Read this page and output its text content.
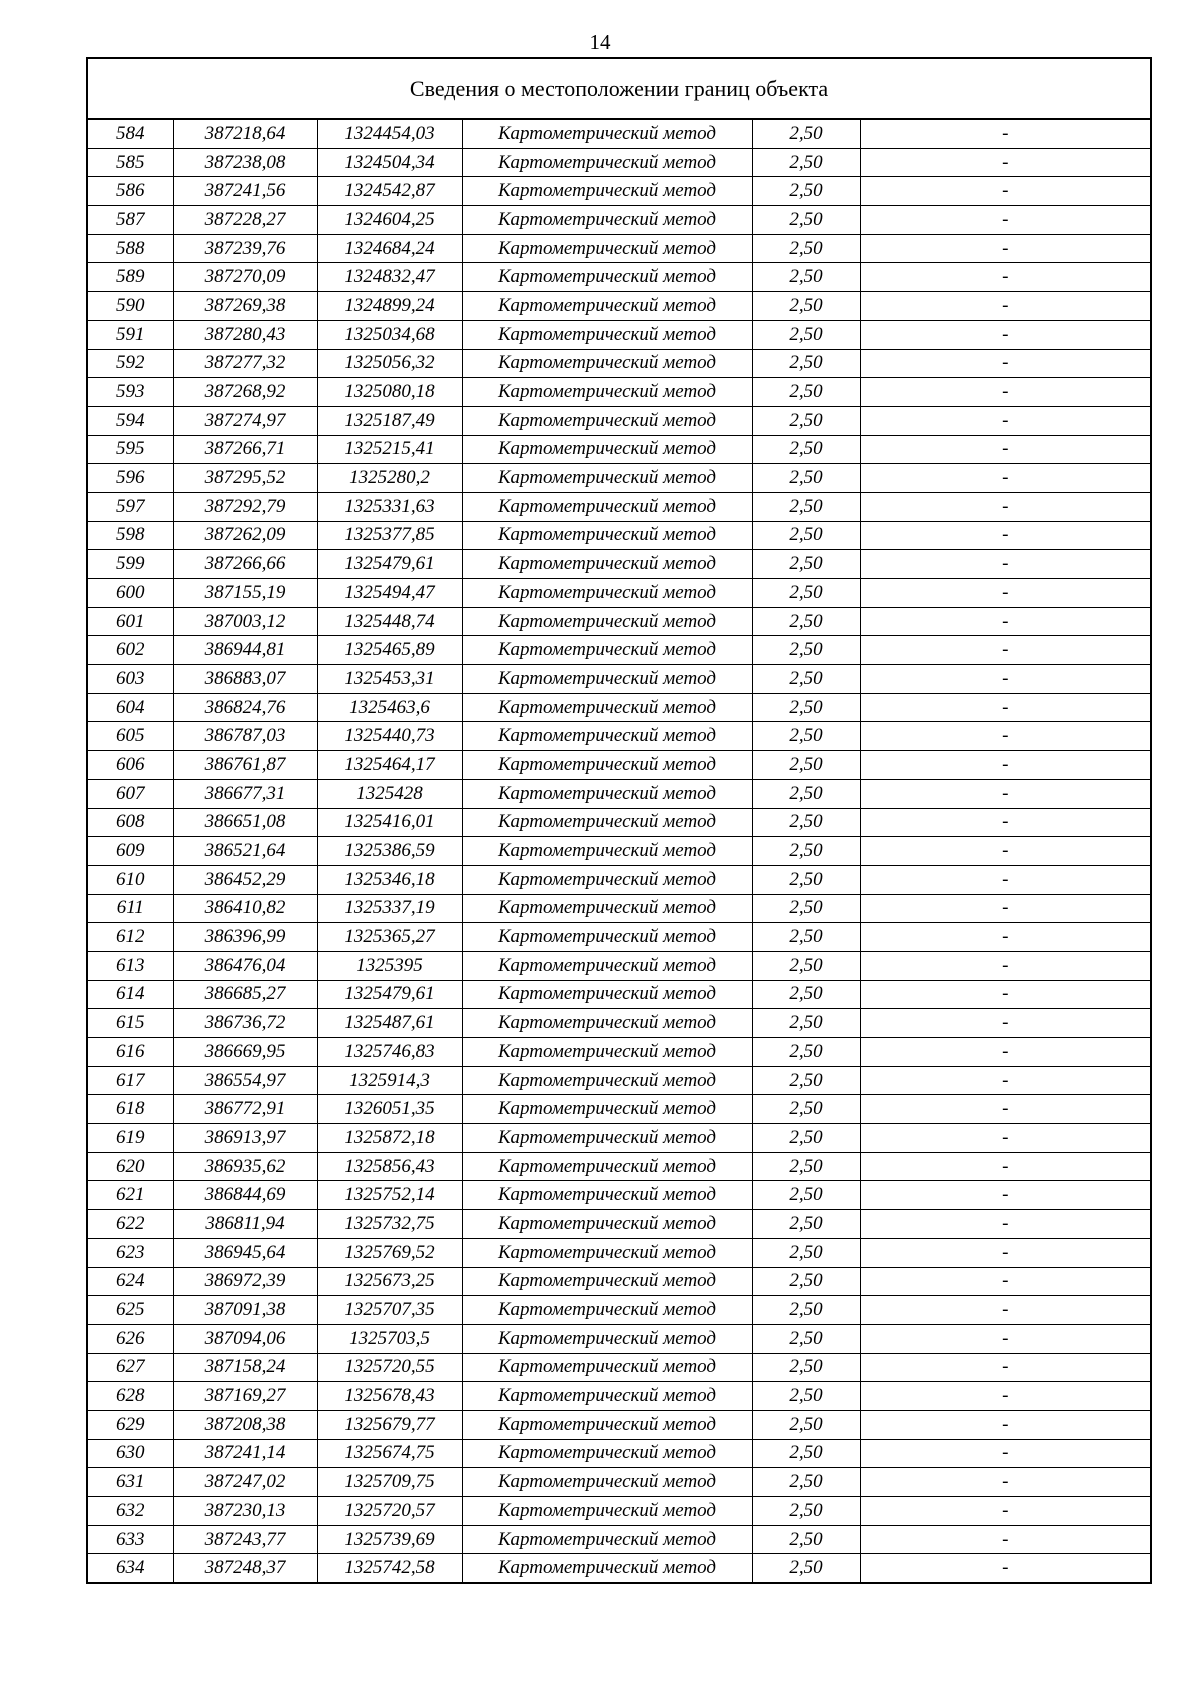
14
Сведения о местоположении границ объекта					
584	387218,64	1324454,03	Картометрический метод	2,50	-
585	387238,08	1324504,34	Картометрический метод	2,50	-
586	387241,56	1324542,87	Картометрический метод	2,50	-
587	387228,27	1324604,25	Картометрический метод	2,50	-
588	387239,76	1324684,24	Картометрический метод	2,50	-
589	387270,09	1324832,47	Картометрический метод	2,50	-
590	387269,38	1324899,24	Картометрический метод	2,50	-
591	387280,43	1325034,68	Картометрический метод	2,50	-
592	387277,32	1325056,32	Картометрический метод	2,50	-
593	387268,92	1325080,18	Картометрический метод	2,50	-
594	387274,97	1325187,49	Картометрический метод	2,50	-
595	387266,71	1325215,41	Картометрический метод	2,50	-
596	387295,52	1325280,2	Картометрический метод	2,50	-
597	387292,79	1325331,63	Картометрический метод	2,50	-
598	387262,09	1325377,85	Картометрический метод	2,50	-
599	387266,66	1325479,61	Картометрический метод	2,50	-
600	387155,19	1325494,47	Картометрический метод	2,50	-
601	387003,12	1325448,74	Картометрический метод	2,50	-
602	386944,81	1325465,89	Картометрический метод	2,50	-
603	386883,07	1325453,31	Картометрический метод	2,50	-
604	386824,76	1325463,6	Картометрический метод	2,50	-
605	386787,03	1325440,73	Картометрический метод	2,50	-
606	386761,87	1325464,17	Картометрический метод	2,50	-
607	386677,31	1325428	Картометрический метод	2,50	-
608	386651,08	1325416,01	Картометрический метод	2,50	-
609	386521,64	1325386,59	Картометрический метод	2,50	-
610	386452,29	1325346,18	Картометрический метод	2,50	-
611	386410,82	1325337,19	Картометрический метод	2,50	-
612	386396,99	1325365,27	Картометрический метод	2,50	-
613	386476,04	1325395	Картометрический метод	2,50	-
614	386685,27	1325479,61	Картометрический метод	2,50	-
615	386736,72	1325487,61	Картометрический метод	2,50	-
616	386669,95	1325746,83	Картометрический метод	2,50	-
617	386554,97	1325914,3	Картометрический метод	2,50	-
618	386772,91	1326051,35	Картометрический метод	2,50	-
619	386913,97	1325872,18	Картометрический метод	2,50	-
620	386935,62	1325856,43	Картометрический метод	2,50	-
621	386844,69	1325752,14	Картометрический метод	2,50	-
622	386811,94	1325732,75	Картометрический метод	2,50	-
623	386945,64	1325769,52	Картометрический метод	2,50	-
624	386972,39	1325673,25	Картометрический метод	2,50	-
625	387091,38	1325707,35	Картометрический метод	2,50	-
626	387094,06	1325703,5	Картометрический метод	2,50	-
627	387158,24	1325720,55	Картометрический метод	2,50	-
628	387169,27	1325678,43	Картометрический метод	2,50	-
629	387208,38	1325679,77	Картометрический метод	2,50	-
630	387241,14	1325674,75	Картометрический метод	2,50	-
631	387247,02	1325709,75	Картометрический метод	2,50	-
632	387230,13	1325720,57	Картометрический метод	2,50	-
633	387243,77	1325739,69	Картометрический метод	2,50	-
634	387248,37	1325742,58	Картометрический метод	2,50	-
